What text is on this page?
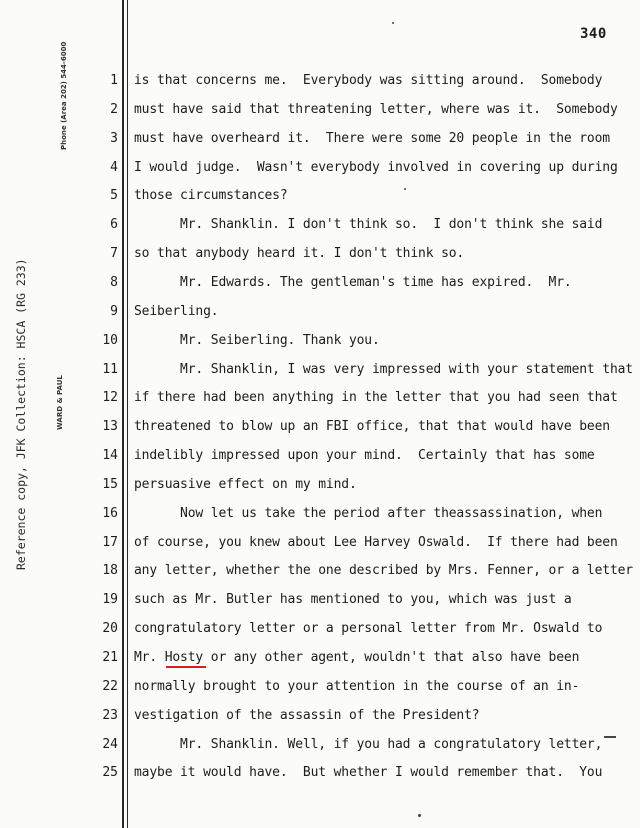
340
Phone (Area 202) 544-6000
Reference copy, JFK Collection: HSCA (RG 233)	WARD & PAUL
1 is that concerns me.  Everybody was sitting around.  Somebody
2 must have said that threatening letter, where was it.  Somebody
3 must have overheard it.  There were some 20 people in the room
4 I would judge.  Wasn't everybody involved in covering up during
5 those circumstances?
6 Mr. Shanklin. I don't think so.  I don't think she said
7 so that anybody heard it. I don't think so.
8 Mr. Edwards. The gentleman's time has expired.  Mr.
9 Seiberling.
10 Mr. Seiberling. Thank you.
11 Mr. Shanklin, I was very impressed with your statement that
12 if there had been anything in the letter that you had seen that
13 threatened to blow up an FBI office, that that would have been
14 indelibly impressed upon your mind.  Certainly that has some
15 persuasive effect on my mind.
16 Now let us take the period after theassassination, when
17 of course, you knew about Lee Harvey Oswald.  If there had been
18 any letter, whether the one described by Mrs. Fenner, or a letter
19 such as Mr. Butler has mentioned to you, which was just a
20 congratulatory letter or a personal letter from Mr. Oswald to
21 Mr. Hosty or any other agent, wouldn't that also have been
22 normally brought to your attention in the course of an in-
23 vestigation of the assassin of the President?
24 Mr. Shanklin. Well, if you had a congratulatory letter,
25 maybe it would have.  But whether I would remember that.  You
